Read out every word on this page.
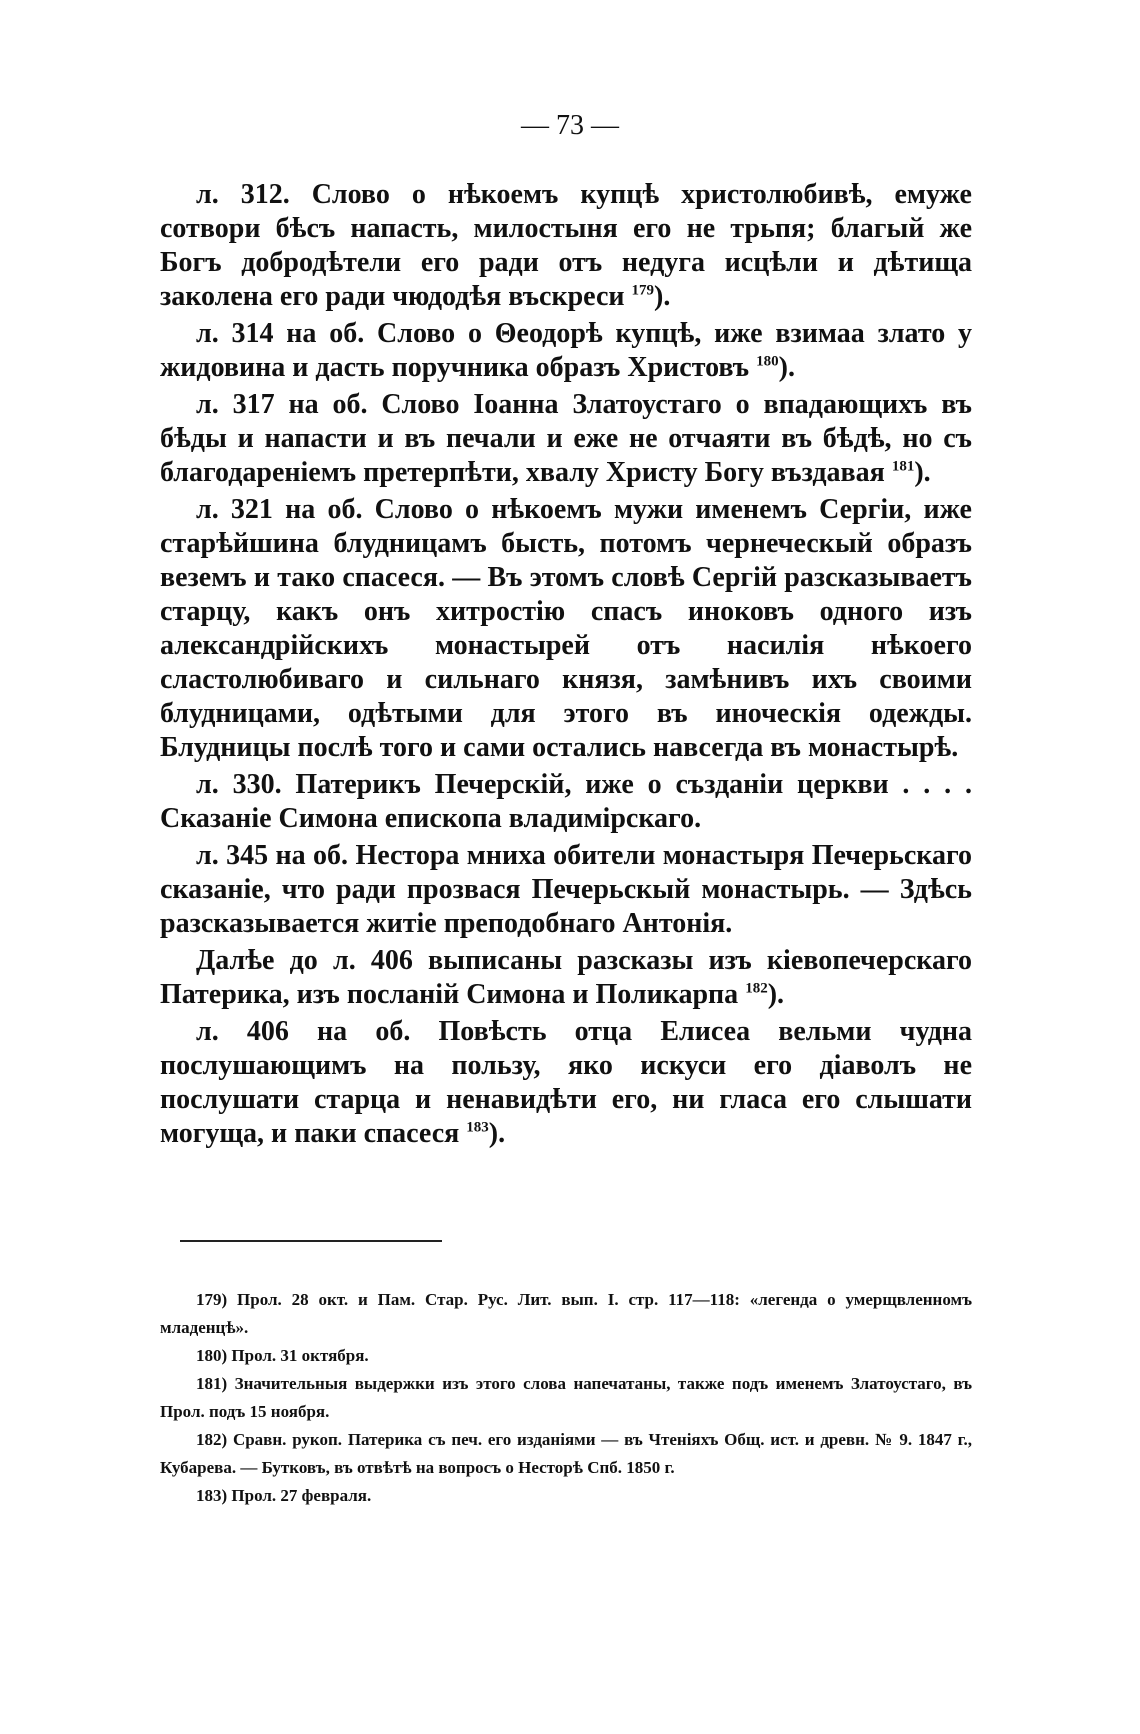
— 73 —

л. 312. Слово о нѣкоемъ купцѣ христолюбивѣ, емуже сотвори бѣсъ напасть, милостыня его не трьпя; благый же Богъ добродѣтели его ради отъ недуга исцѣли и дѣтища заколена его ради чюдодѣя въскреси $^{179}$).

л. 314 на об. Слово о Θеодорѣ купцѣ, иже взимаа злато у жидовина и дасть поручника образъ Христовъ $^{180}$).

л. 317 на об. Слово Іоанна Златоустаго о впадающихъ въ бѣды и напасти и въ печали и еже не отчаяти въ бѣдѣ, но съ благодареніемъ претерпѣти, хвалу Христу Богу въздавая $^{181}$).

л. 321 на об. Слово о нѣкоемъ мужи именемъ Сергіи, иже старѣйшина блудницамъ бысть, потомъ чернеческый образъ веземъ и тако спасеся. — Въ этомъ словѣ Сергій разсказываетъ старцу, какъ онъ хитростію спасъ иноковъ одного изъ александрійскихъ монастырей отъ насилія нѣкоего сластолюбиваго и сильнаго князя, замѣнивъ ихъ своими блудницами, одѣтыми для этого въ иноческія одежды. Блудницы послѣ того и сами остались навсегда въ монастырѣ.

л. 330. Патерикъ Печерскій, иже о създаніи церкви . . . . Сказаніе Симона епископа владимірскаго.

л. 345 на об. Нестора мниха обители монастыря Печерьскаго сказаніе, что ради прозвася Печерьскый монастырь. — Здѣсь разсказывается житіе преподобнаго Антонія.

Далѣе до л. 406 выписаны разсказы изъ кіевопечерскаго Патерика, изъ посланій Симона и Поликарпа $^{182}$).

л. 406 на об. Повѣсть отца Елисеа вельми чудна послушающимъ на пользу, яко искуси его діаволъ не послушати старца и ненавидѣти его, ни гласа его слышати могуща, и паки спасеся $^{183}$).

179) Прол. 28 окт. и Пам. Стар. Рус. Лит. вып. I. стр. 117—118: «легенда о умерщвленномъ младенцѣ».

180) Прол. 31 октября.

181) Значительныя выдержки изъ этого слова напечатаны, также подъ именемъ Златоустаго, въ Прол. подъ 15 ноября.

182) Сравн. рукоп. Патерика съ печ. его изданіями — въ Чтеніяхъ Общ. ист. и древн. № 9. 1847 г., Кубарева. — Бутковъ, въ отвѣтѣ на вопросъ о Несторѣ Спб. 1850 г.

183) Прол. 27 февраля.
